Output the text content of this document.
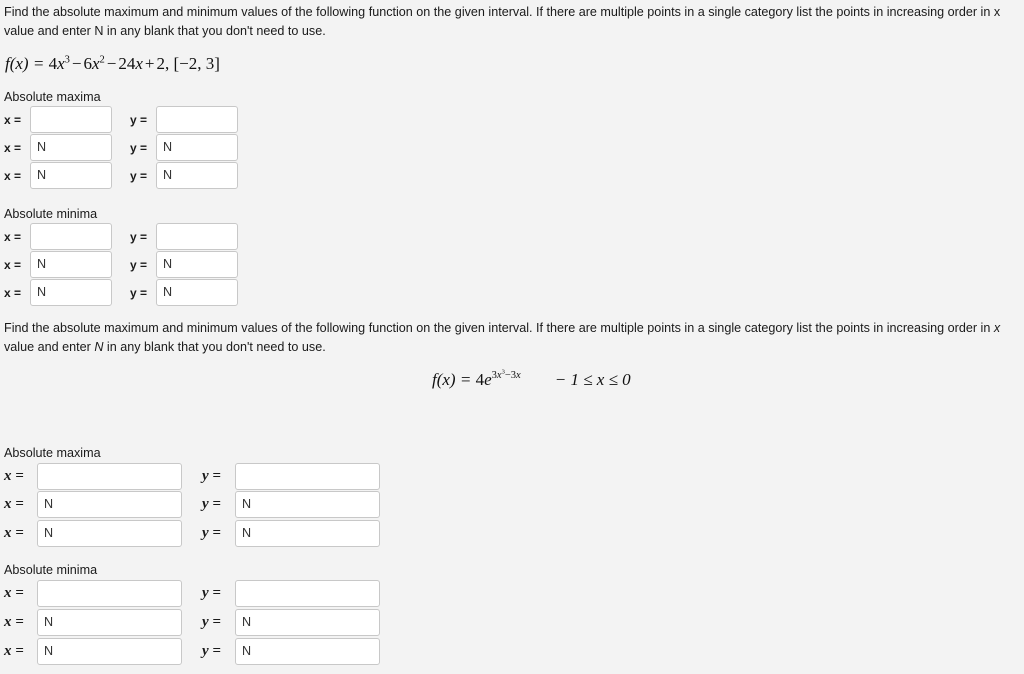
Find the absolute maximum and minimum values of the following function on the given interval. If there are multiple points in a single category list the points in increasing order in x value and enter N in any blank that you don't need to use.
$f(x) = 4x^3 - 6x^2 - 24x + 2$, [−2, 3]
Absolute maxima
x =	y =
x =	N	y =	N
x =	N	y =	N
Absolute minima
x =	y =
x =	N	y =	N
x =	N	y =	N
Find the absolute maximum and minimum values of the following function on the given interval. If there are multiple points in a single category list the points in increasing order in x value and enter N in any blank that you don't need to use.
$f(x) = 4e^{3x^3-3x} - 1 \le x \le 0$
Absolute maxima
x =	y =
x =	N	y =	N
x =	N	y =	N
Absolute minima
x =	y =
x =	N	y =	N
x =	N	y =	N
